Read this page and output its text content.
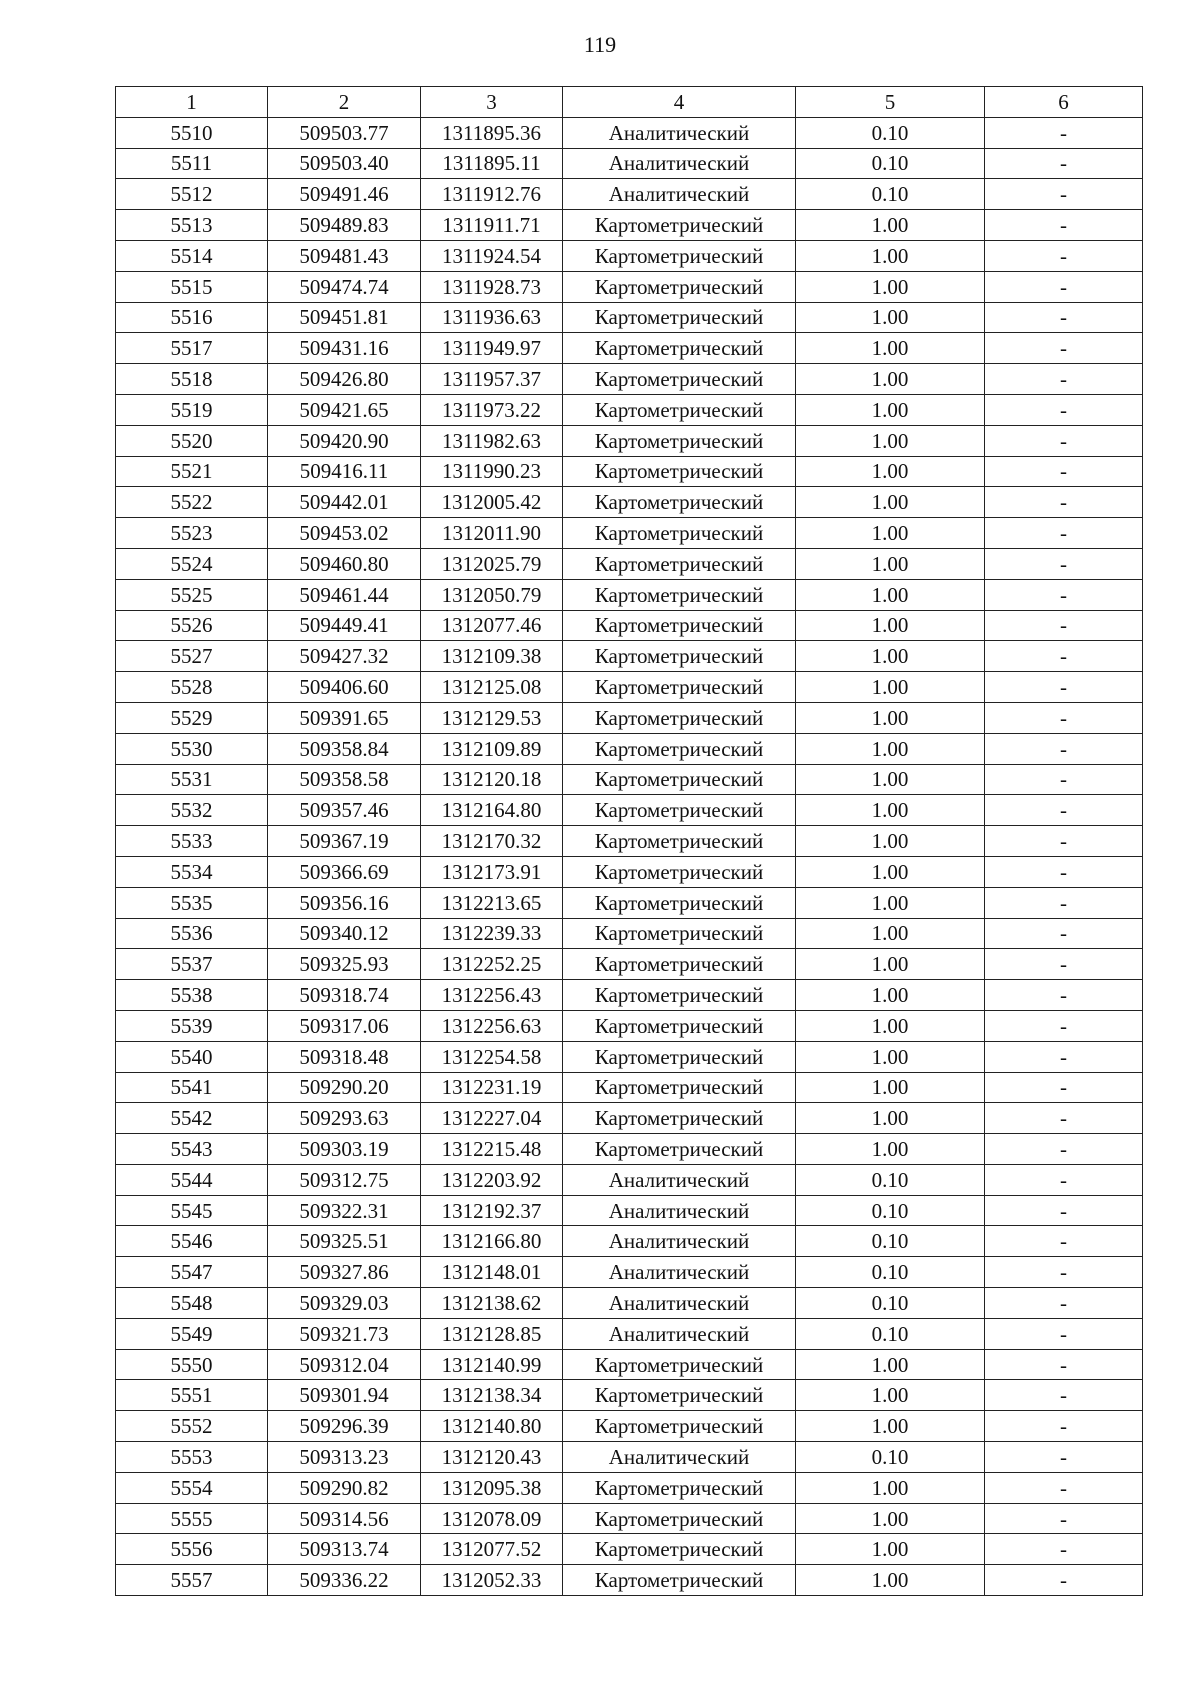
119
1	2	3	4	5	6
5510	509503.77	1311895.36	Аналитический	0.10	-
5511	509503.40	1311895.11	Аналитический	0.10	-
5512	509491.46	1311912.76	Аналитический	0.10	-
5513	509489.83	1311911.71	Картометрический	1.00	-
5514	509481.43	1311924.54	Картометрический	1.00	-
5515	509474.74	1311928.73	Картометрический	1.00	-
5516	509451.81	1311936.63	Картометрический	1.00	-
5517	509431.16	1311949.97	Картометрический	1.00	-
5518	509426.80	1311957.37	Картометрический	1.00	-
5519	509421.65	1311973.22	Картометрический	1.00	-
5520	509420.90	1311982.63	Картометрический	1.00	-
5521	509416.11	1311990.23	Картометрический	1.00	-
5522	509442.01	1312005.42	Картометрический	1.00	-
5523	509453.02	1312011.90	Картометрический	1.00	-
5524	509460.80	1312025.79	Картометрический	1.00	-
5525	509461.44	1312050.79	Картометрический	1.00	-
5526	509449.41	1312077.46	Картометрический	1.00	-
5527	509427.32	1312109.38	Картометрический	1.00	-
5528	509406.60	1312125.08	Картометрический	1.00	-
5529	509391.65	1312129.53	Картометрический	1.00	-
5530	509358.84	1312109.89	Картометрический	1.00	-
5531	509358.58	1312120.18	Картометрический	1.00	-
5532	509357.46	1312164.80	Картометрический	1.00	-
5533	509367.19	1312170.32	Картометрический	1.00	-
5534	509366.69	1312173.91	Картометрический	1.00	-
5535	509356.16	1312213.65	Картометрический	1.00	-
5536	509340.12	1312239.33	Картометрический	1.00	-
5537	509325.93	1312252.25	Картометрический	1.00	-
5538	509318.74	1312256.43	Картометрический	1.00	-
5539	509317.06	1312256.63	Картометрический	1.00	-
5540	509318.48	1312254.58	Картометрический	1.00	-
5541	509290.20	1312231.19	Картометрический	1.00	-
5542	509293.63	1312227.04	Картометрический	1.00	-
5543	509303.19	1312215.48	Картометрический	1.00	-
5544	509312.75	1312203.92	Аналитический	0.10	-
5545	509322.31	1312192.37	Аналитический	0.10	-
5546	509325.51	1312166.80	Аналитический	0.10	-
5547	509327.86	1312148.01	Аналитический	0.10	-
5548	509329.03	1312138.62	Аналитический	0.10	-
5549	509321.73	1312128.85	Аналитический	0.10	-
5550	509312.04	1312140.99	Картометрический	1.00	-
5551	509301.94	1312138.34	Картометрический	1.00	-
5552	509296.39	1312140.80	Картометрический	1.00	-
5553	509313.23	1312120.43	Аналитический	0.10	-
5554	509290.82	1312095.38	Картометрический	1.00	-
5555	509314.56	1312078.09	Картометрический	1.00	-
5556	509313.74	1312077.52	Картометрический	1.00	-
5557	509336.22	1312052.33	Картометрический	1.00	-
